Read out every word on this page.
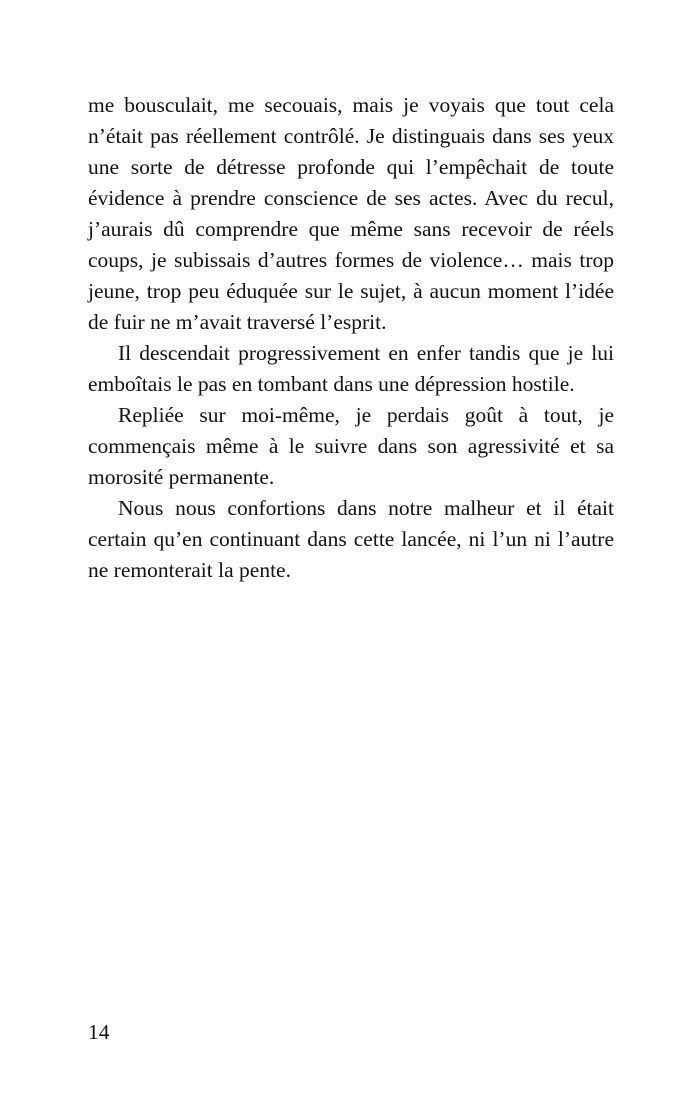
me bousculait, me secouais, mais je voyais que tout cela n’était pas réellement contrôlé. Je distinguais dans ses yeux une sorte de détresse profonde qui l’empêchait de toute évidence à prendre conscience de ses actes. Avec du recul, j’aurais dû comprendre que même sans recevoir de réels coups, je subissais d’autres formes de violence… mais trop jeune, trop peu éduquée sur le sujet, à aucun moment l’idée de fuir ne m’avait traversé l’esprit.

Il descendait progressivement en enfer tandis que je lui emboîtais le pas en tombant dans une dépression hostile.

Repliée sur moi-même, je perdais goût à tout, je commençais même à le suivre dans son agressivité et sa morosité permanente.

Nous nous confortions dans notre malheur et il était certain qu’en continuant dans cette lancée, ni l’un ni l’autre ne remonterait la pente.

14
